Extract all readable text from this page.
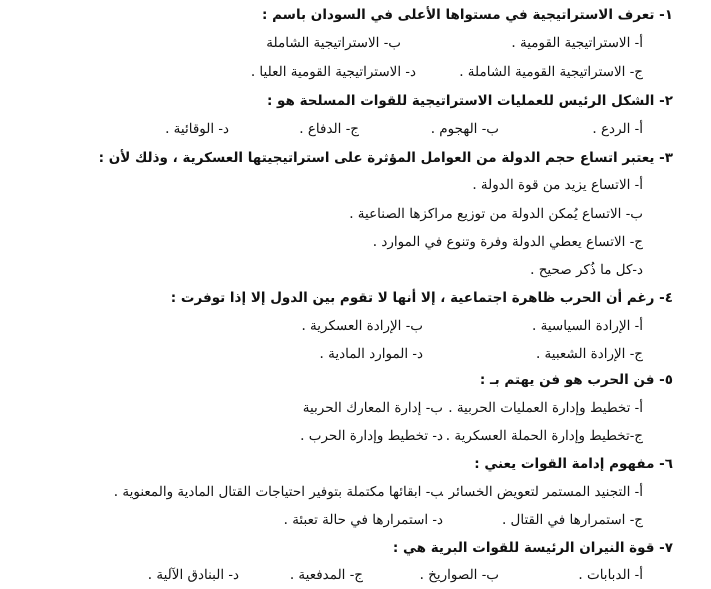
١- تعرف الاستراتيجية في مستواها الأعلى في السودان باسم :
أ- الاستراتيجية القومية .
ب- الاستراتيجية الشاملة
ج- الاستراتيجية القومية الشاملة .
د- الاستراتيجية القومية العليا .
٢- الشكل الرئيس للعمليات الاستراتيجية للقوات المسلحة هو :
أ- الردع .
ب- الهجوم .
ج- الدفاع .
د- الوقائية .
٣- يعتبر اتساع حجم الدولة من العوامل المؤثرة على استراتيجيتها العسكرية ، وذلك لأن :
أ- الاتساع يزيد من قوة الدولة .
ب- الاتساع يُمكن الدولة من توزيع مراكزها الصناعية .
ج- الاتساع يعطي الدولة وفرة وتنوع في الموارد .
د-كل ما ذُكر صحيح .
٤- رغم أن الحرب ظاهرة اجتماعية ، إلا أنها لا تقوم بين الدول إلا إذا توفرت :
أ- الإرادة السياسية .
ب- الإرادة العسكرية .
ج- الإرادة الشعبية .
د- الموارد المادية .
٥- فن الحرب هو فن يهتم بـ :
أ- تخطيط وإدارة العمليات الحربية .
ب- إدارة المعارك الحربية
ج-تخطيط وإدارة الحملة العسكرية .
د- تخطيط وإدارة الحرب .
٦- مفهوم إدامة القوات يعني :
أ- التجنيد المستمر لتعويض الخسائر .
ب- ابقائها مكتملة بتوفير احتياجات القتال المادية والمعنوية .
ج- استمرارها في القتال .
د- استمرارها في حالة تعبئة .
٧- قوة النيران الرئيسة للقوات البرية هي :
أ- الدبابات .
ب- الصواريخ .
ج- المدفعية .
د- البنادق الآلية .
